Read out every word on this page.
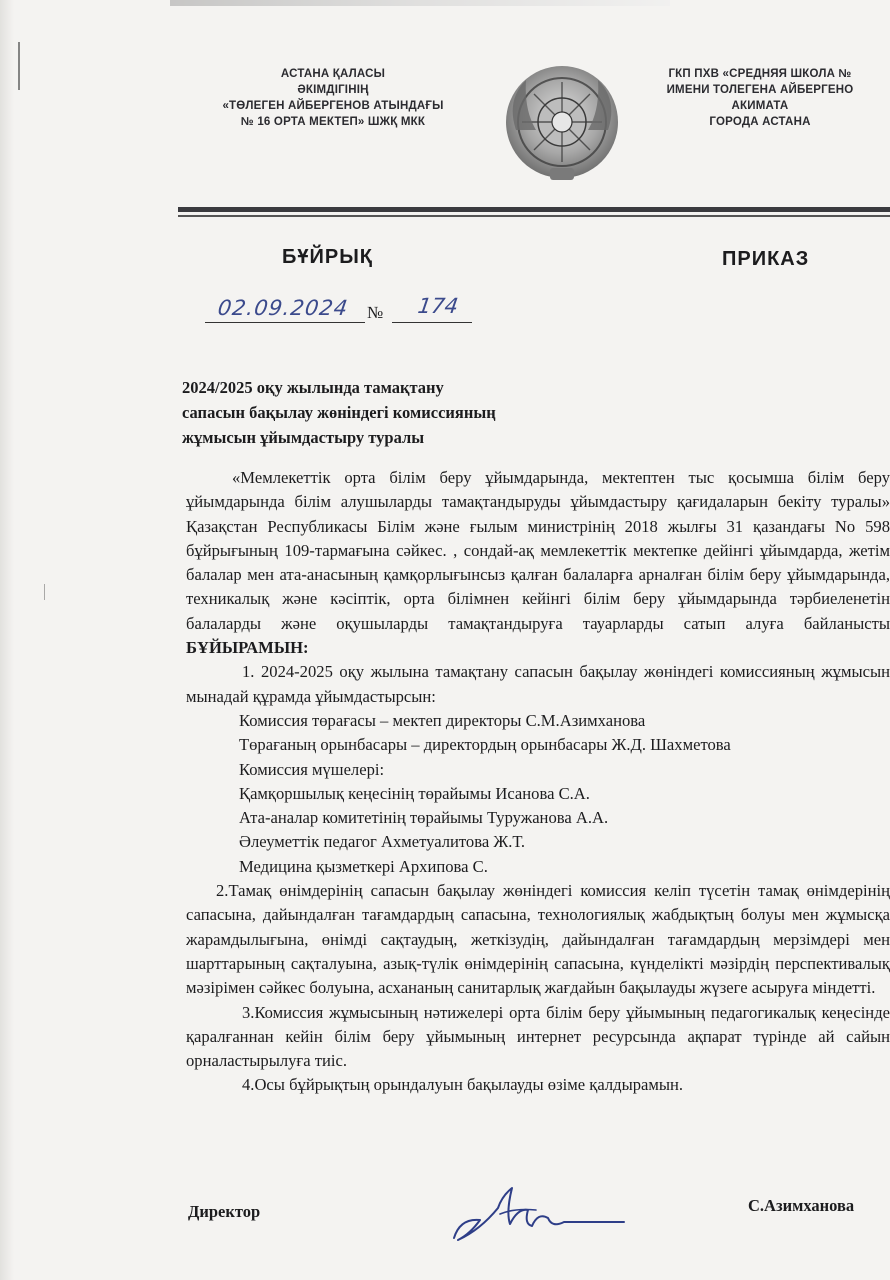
АСТАНА ҚАЛАСЫ
ӘКІМДІГІНІҢ
«ТӨЛЕГЕН АЙБЕРГЕНОВ АТЫНДАҒЫ
№ 16 ОРТА МЕКТЕП» ШЖҚ МКК
ГКП ПХВ «СРЕДНЯЯ ШКОЛА №
ИМЕНИ ТОЛЕГЕНА АЙБЕРГЕНО
АКИМАТА
ГОРОДА АСТАНА
БҰЙРЫҚ	ПРИКАЗ
02.09.2024 № 174
2024/2025 оқу жылында тамақтану
сапасын бақылау жөніндегі комиссияның
жұмысын ұйымдастыру туралы

«Мемлекеттік орта білім беру ұйымдарында, мектептен тыс қосымша білім беру ұйымдарында білім алушыларды тамақтандыруды ұйымдастыру қағидаларын бекіту туралы» Қазақстан Республикасы Білім және ғылым министрінің 2018 жылғы 31 қазандағы No 598 бұйрығының 109-тармағына сәйкес. , сондай-ақ мемлекеттік мектепке дейінгі ұйымдарда, жетім балалар мен ата-анасының қамқорлығынсыз қалған балаларға арналған білім беру ұйымдарында, техникалық және кәсіптік, орта білімнен кейінгі білім беру ұйымдарында тәрбиеленетін балаларды және оқушыларды тамақтандыруға тауарларды сатып алуға байланысты БҰЙЫРАМЫН:

1. 2024-2025 оқу жылына тамақтану сапасын бақылау жөніндегі комиссияның жұмысын мынадай құрамда ұйымдастырсын:

Комиссия төрағасы – мектеп директоры С.М.Азимханова

Төрағаның орынбасары – директордың орынбасары Ж.Д. Шахметова

Комиссия мүшелері:

Қамқоршылық кеңесінің төрайымы Исанова С.А.

Ата-аналар комитетінің төрайымы Туружанова А.А.

Әлеуметтік педагог Ахметуалитова Ж.Т.

Медицина қызметкері Архипова С.

2.Тамақ өнімдерінің сапасын бақылау жөніндегі комиссия келіп түсетін тамақ өнімдерінің сапасына, дайындалған тағамдардың сапасына, технологиялық жабдықтың болуы мен жұмысқа жарамдылығына, өнімді сақтаудың, жеткізудің, дайындалған тағамдардың мерзімдері мен шарттарының сақталуына, азық-түлік өнімдерінің сапасына, күнделікті мәзірдің перспективалық мәзірімен сәйкес болуына, асхананың санитарлық жағдайын бақылауды жүзеге асыруға міндетті.

3.Комиссия жұмысының нәтижелері орта білім беру ұйымының педагогикалық кеңесінде қаралғаннан кейін білім беру ұйымының интернет ресурсында ақпарат түрінде ай сайын орналастырылуға тиіс.

4.Осы бұйрықтың орындалуын бақылауды өзіме қалдырамын.

Директор	С.Азимханова
